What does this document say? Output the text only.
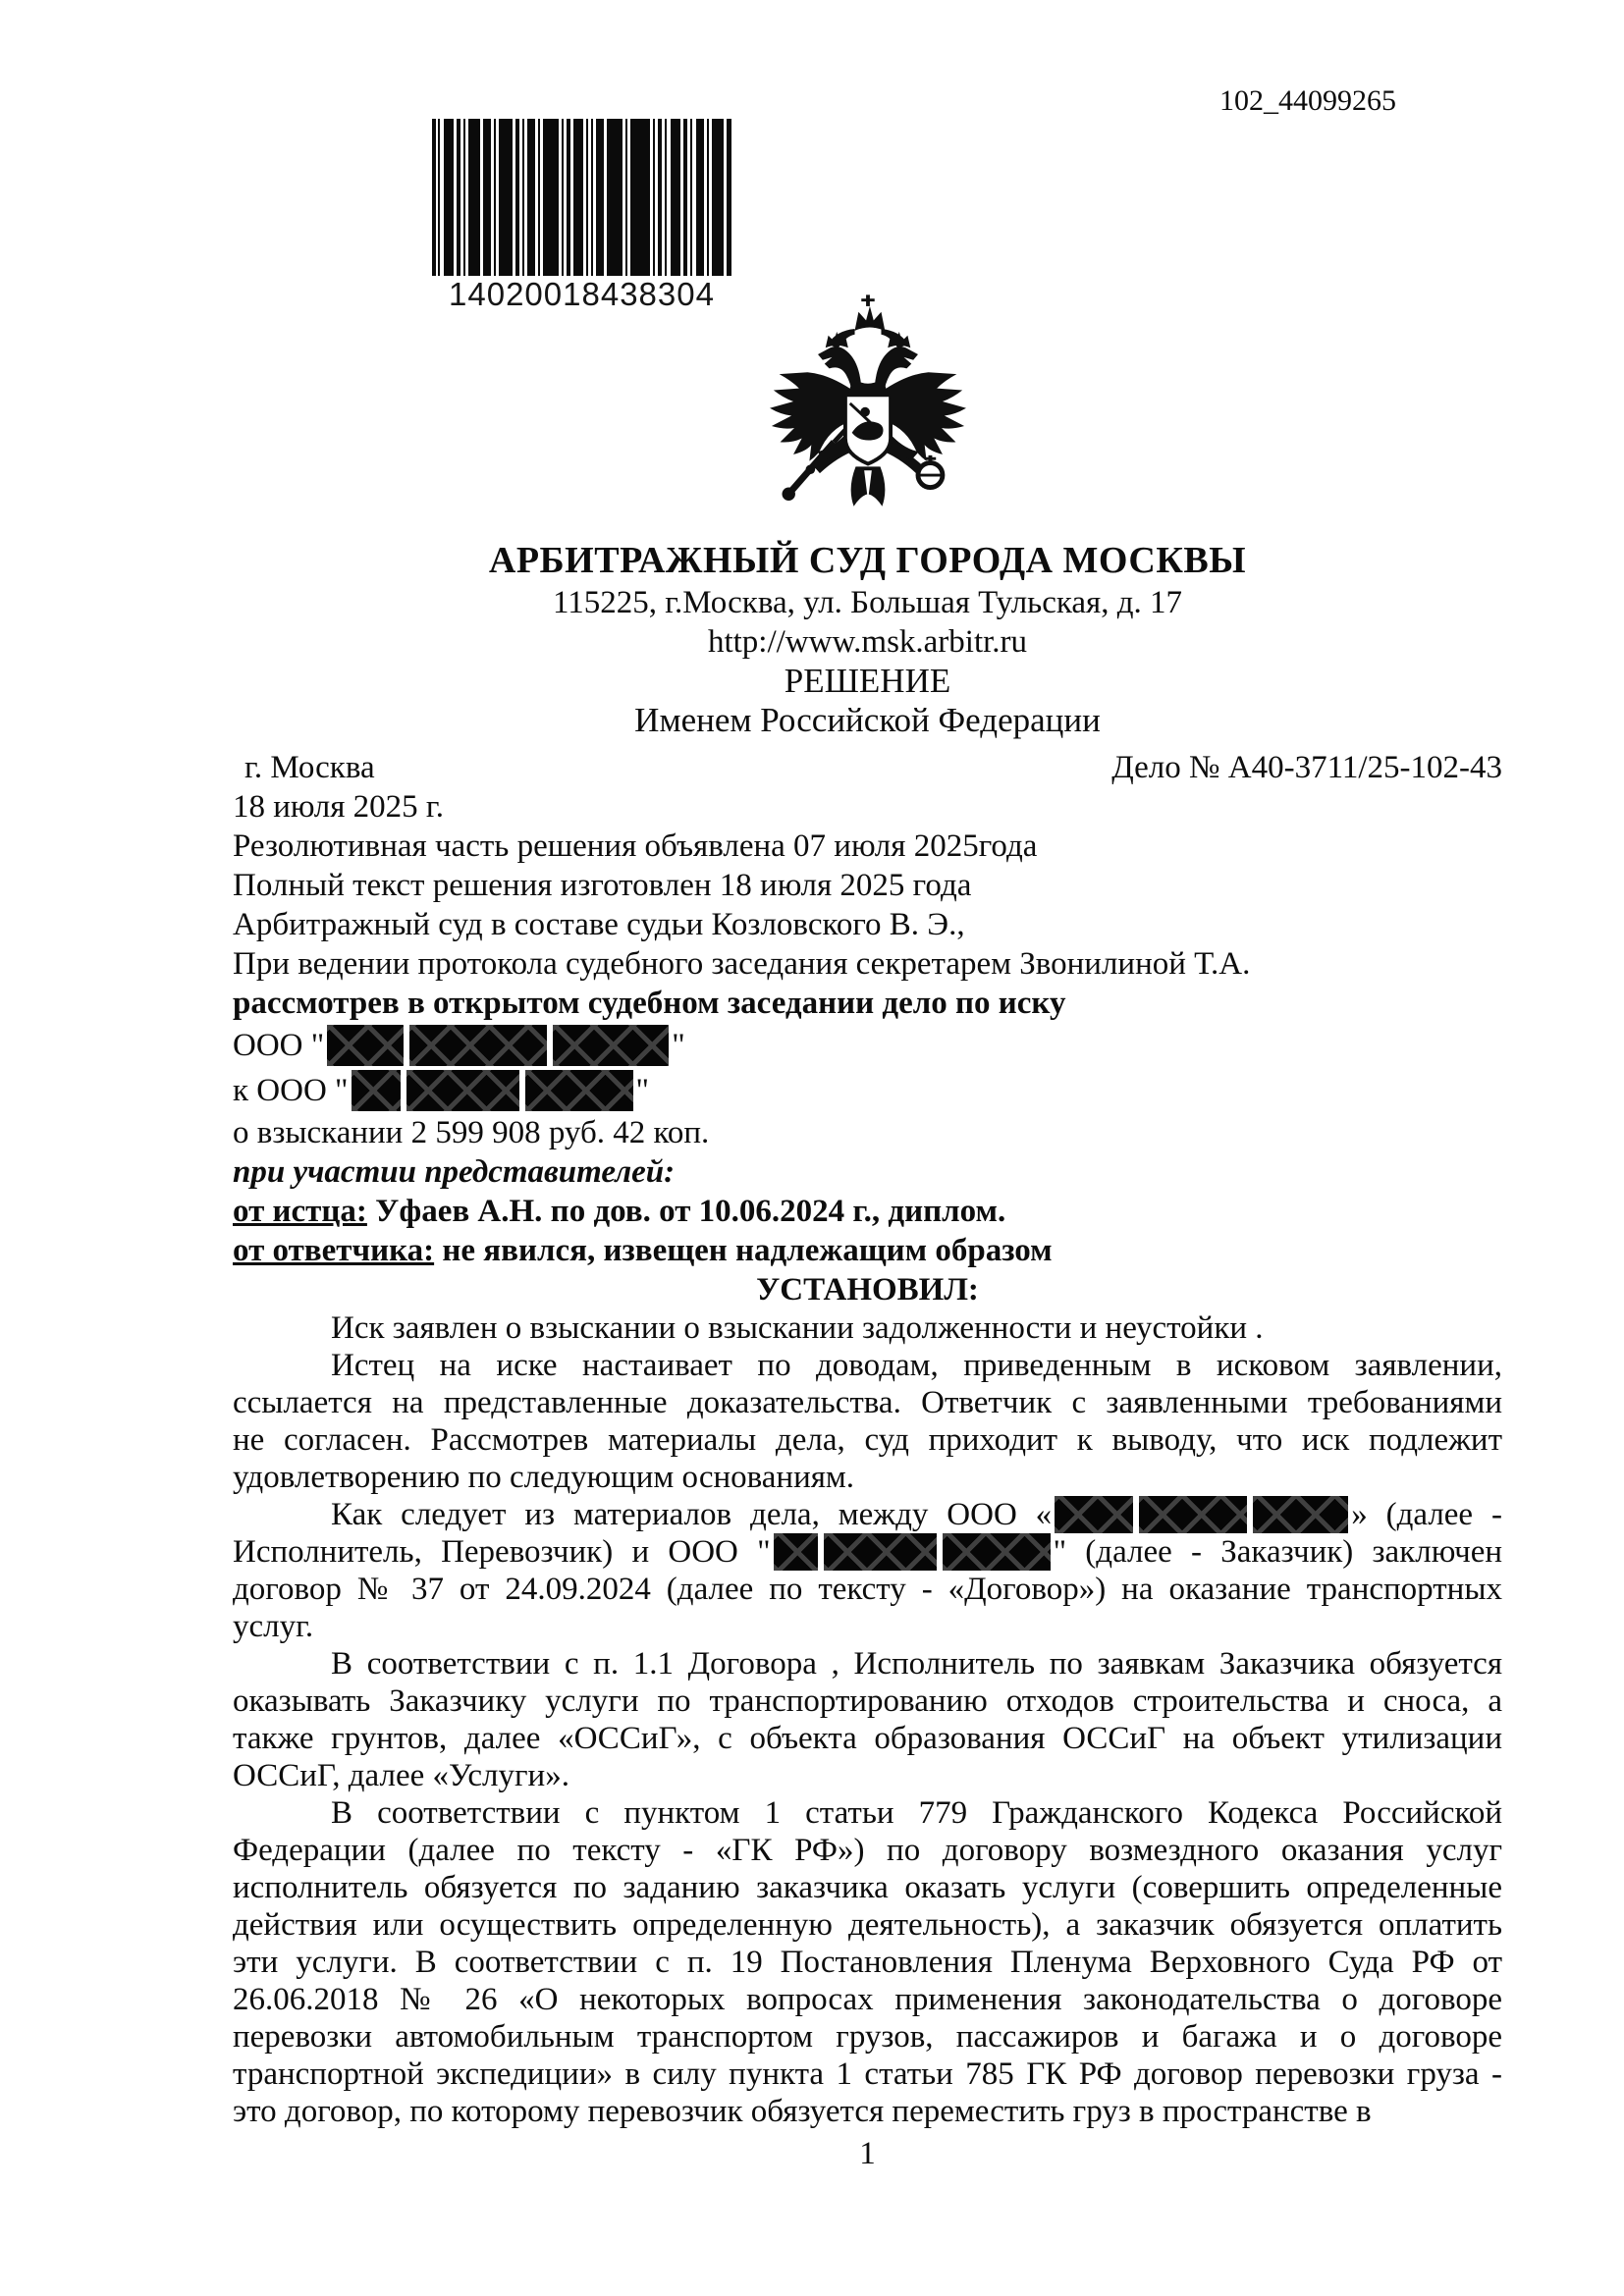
102_44099265
14020018438304
АРБИТРАЖНЫЙ СУД ГОРОДА МОСКВЫ
115225, г.Москва, ул. Большая Тульская, д. 17
http://www.msk.arbitr.ru
РЕШЕНИЕ
Именем Российской Федерации
г. Москва	Дело № А40-3711/25-102-43
18 июля 2025 г.
Резолютивная часть решения объявлена 07 июля 2025года
Полный текст решения изготовлен 18 июля 2025 года
Арбитражный суд в составе судьи Козловского В. Э.,
При ведении протокола судебного заседания секретарем Звонилиной Т.А.
рассмотрев в открытом судебном заседании дело по иску
ООО "	"
к ООО "	"
о взыскании 2 599 908 руб. 42 коп.
при участии представителей:
от истца: Уфаев А.Н. по дов. от 10.06.2024 г., диплом.
от ответчика: не явился, извещен надлежащим образом
УСТАНОВИЛ:
Иск заявлен о взыскании о взыскании задолженности и неустойки .
Истец на иске настаивает по доводам, приведенным в исковом заявлении,
ссылается на представленные доказательства. Ответчик с заявленными требованиями
не согласен. Рассмотрев материалы дела, суд приходит к выводу, что иск подлежит
удовлетворению по следующим основаниям.
Как следует из материалов дела, между ООО «	» (далее -
Исполнитель, Перевозчик) и ООО "	" (далее - Заказчик) заключен
договор № 37 от 24.09.2024 (далее по тексту - «Договор») на оказание транспортных
услуг.
В соответствии с п. 1.1 Договора , Исполнитель по заявкам Заказчика обязуется
оказывать Заказчику услуги по транспортированию отходов строительства и сноса, а
также грунтов, далее «ОССиГ», с объекта образования ОССиГ на объект утилизации
ОССиГ, далее «Услуги».
В соответствии с пунктом 1 статьи 779 Гражданского Кодекса Российской
Федерации (далее по тексту - «ГК РФ») по договору возмездного оказания услуг
исполнитель обязуется по заданию заказчика оказать услуги (совершить определенные
действия или осуществить определенную деятельность), а заказчик обязуется оплатить
эти услуги. В соответствии с п. 19 Постановления Пленума Верховного Суда РФ от
26.06.2018 № 26 «О некоторых вопросах применения законодательства о договоре
перевозки автомобильным транспортом грузов, пассажиров и багажа и о договоре
транспортной экспедиции» в силу пункта 1 статьи 785 ГК РФ договор перевозки груза -
это договор, по которому перевозчик обязуется переместить груз в пространстве в
1
